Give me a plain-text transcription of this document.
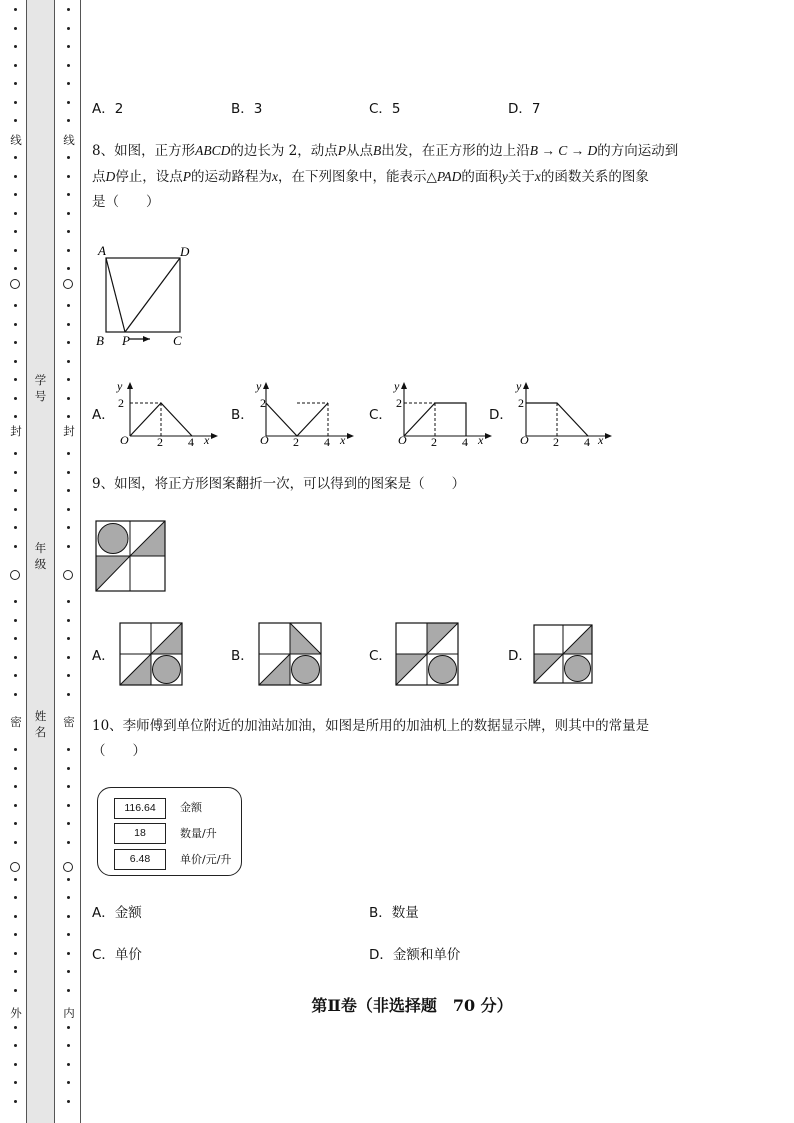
线
封
密
外
学号
年级
姓名
线
封
密
内
A．2	B．3	C．5	D．7
8、如图，正方形ABCD的边长为 2，动点P从点B出发，在正方形的边上沿B → C → D的方向运动到
点D停止，设点P的运动路程为x，在下列图象中，能表示△PAD的面积y关于x的函数关系的图象
是（　　）
A	D
B P	C
A．
y
2
O 2 4 x
B．
y
2
O 2 4 x
C．
y
2
O 2 4 x
D．
y
2
O 2 4 x
9、如图，将正方形图案翻折一次，可以得到的图案是（　　）
A．	B．	C．	D．
10、李师傅到单位附近的加油站加油，如图是所用的加油机上的数据显示牌，则其中的常量是
（　　）
116.64	金额
18	数量/升
6.48	单价/元/升
A．金额	B．数量
C．单价	D．金额和单价
第Ⅱ卷（非选择题　70 分）
